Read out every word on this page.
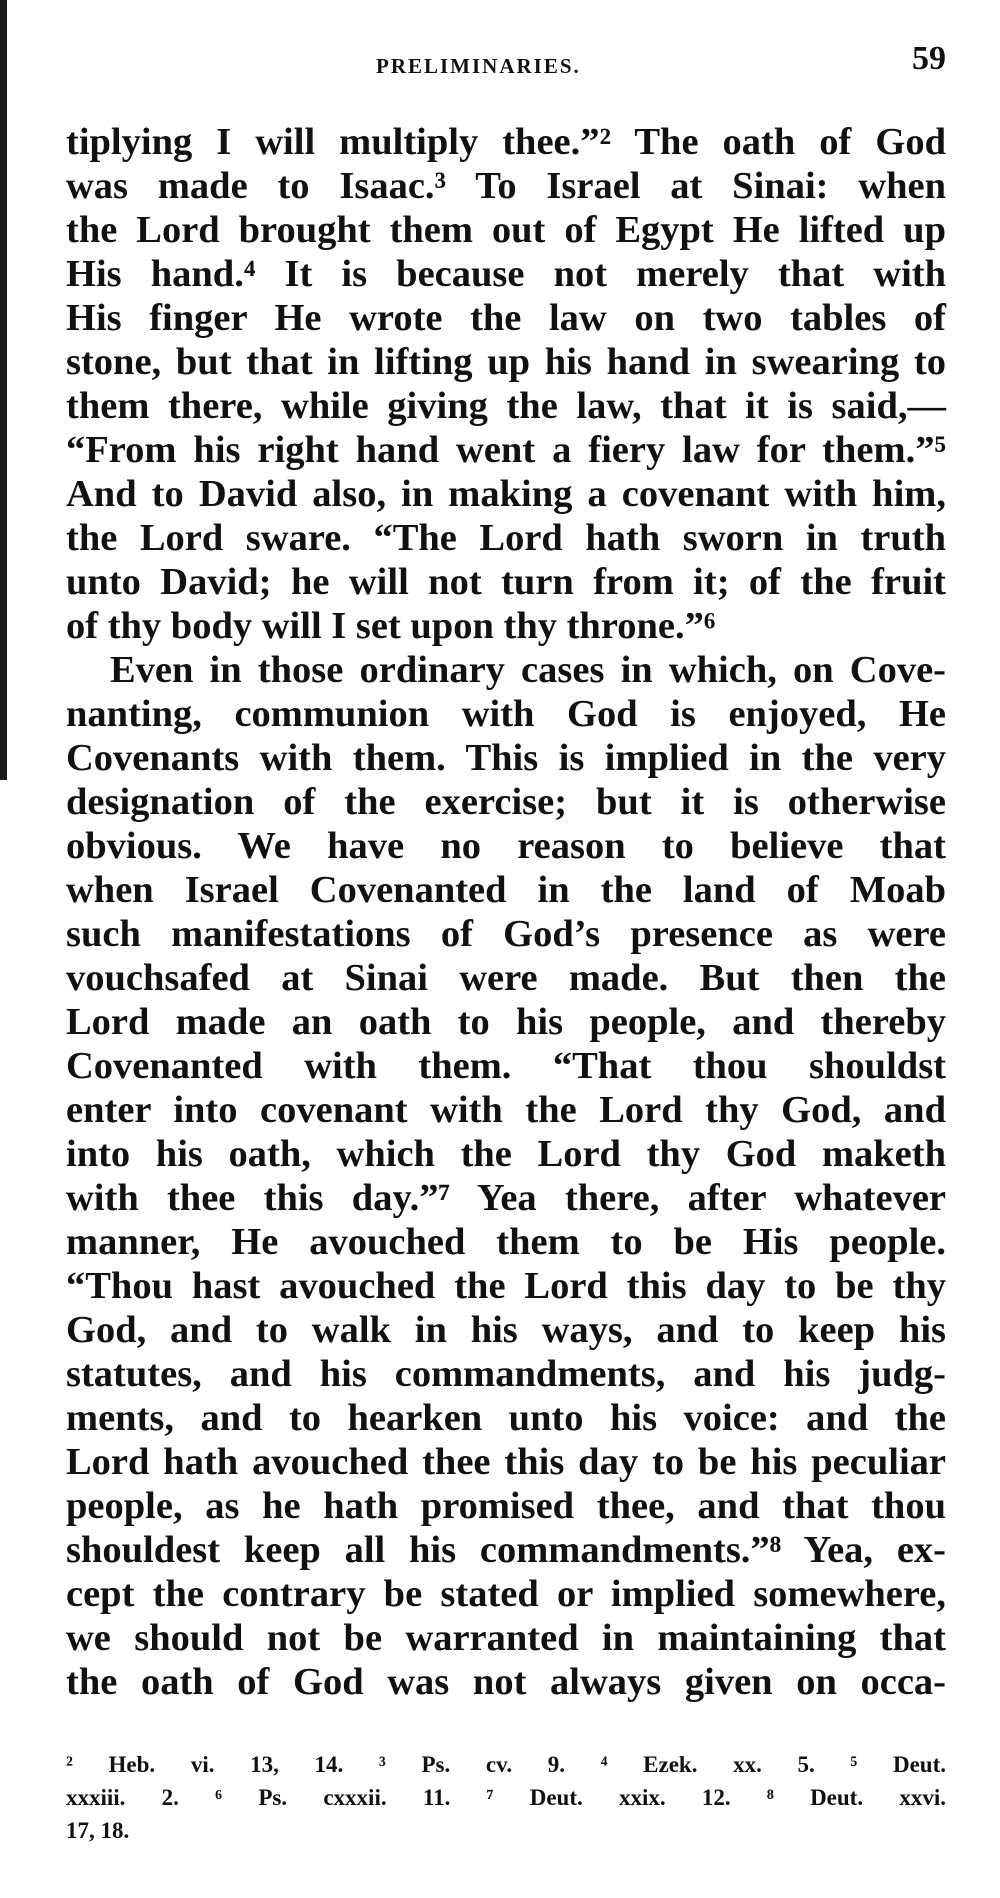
PRELIMINARIES.	59
tiplying I will multiply thee.”² The oath of God
was made to Isaac.³ To Israel at Sinai: when
the Lord brought them out of Egypt He lifted up
His hand.⁴ It is because not merely that with
His finger He wrote the law on two tables of
stone, but that in lifting up his hand in swearing to
them there, while giving the law, that it is said,—
“From his right hand went a fiery law for them.”⁵
And to David also, in making a covenant with him,
the Lord sware. “The Lord hath sworn in truth
unto David; he will not turn from it; of the fruit
of thy body will I set upon thy throne.”⁶
Even in those ordinary cases in which, on Cove-
nanting, communion with God is enjoyed, He
Covenants with them. This is implied in the very
designation of the exercise; but it is otherwise
obvious. We have no reason to believe that
when Israel Covenanted in the land of Moab
such manifestations of God’s presence as were
vouchsafed at Sinai were made. But then the
Lord made an oath to his people, and thereby
Covenanted with them. “That thou shouldst
enter into covenant with the Lord thy God, and
into his oath, which the Lord thy God maketh
with thee this day.”⁷ Yea there, after whatever
manner, He avouched them to be His people.
“Thou hast avouched the Lord this day to be thy
God, and to walk in his ways, and to keep his
statutes, and his commandments, and his judg-
ments, and to hearken unto his voice: and the
Lord hath avouched thee this day to be his peculiar
people, as he hath promised thee, and that thou
shouldest keep all his commandments.”⁸ Yea, ex-
cept the contrary be stated or implied somewhere,
we should not be warranted in maintaining that
the oath of God was not always given on occa-
² Heb. vi. 13, 14. ³ Ps. cv. 9. ⁴ Ezek. xx. 5. ⁵ Deut.
xxxiii. 2. ⁶ Ps. cxxxii. 11. ⁷ Deut. xxix. 12. ⁸ Deut. xxvi.
17, 18.
